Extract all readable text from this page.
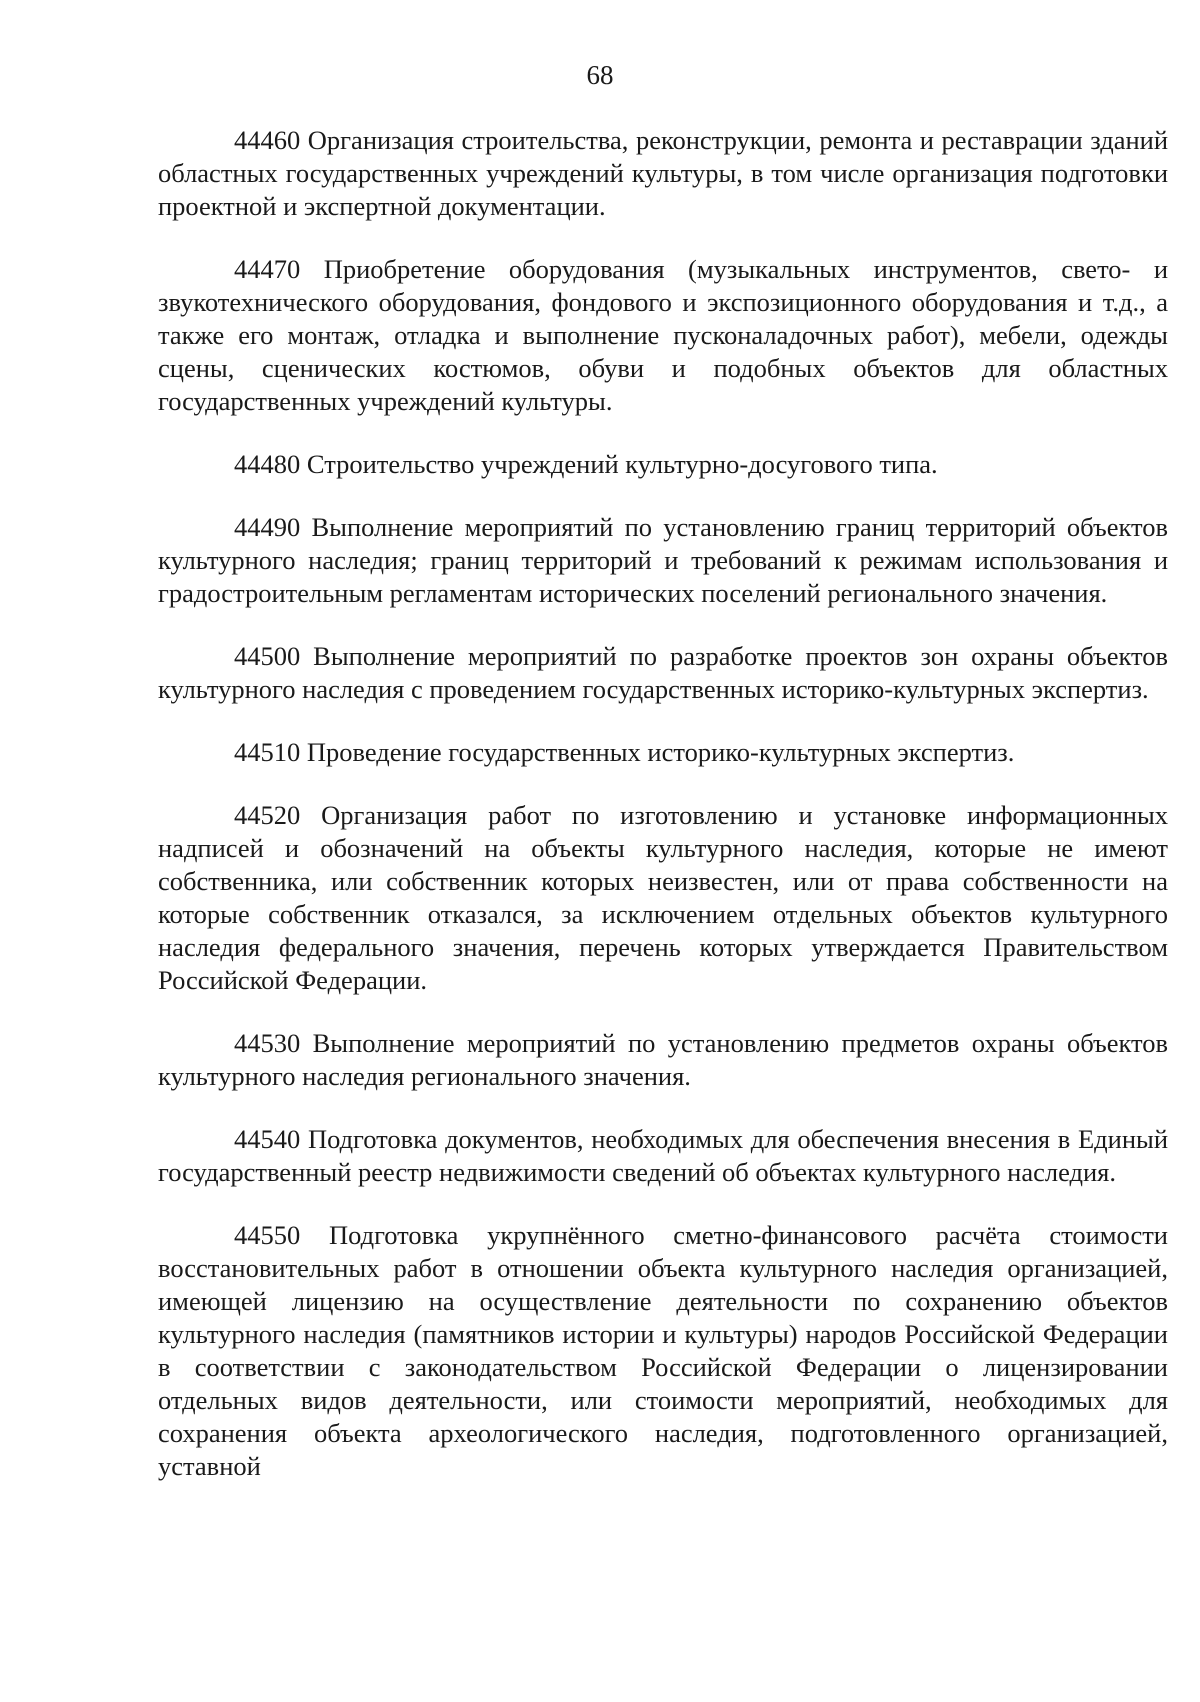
68

44460 Организация строительства, реконструкции, ремонта и реставрации зданий областных государственных учреждений культуры, в том числе организация подготовки проектной и экспертной документации.

44470 Приобретение оборудования (музыкальных инструментов, свето- и звукотехнического оборудования, фондового и экспозиционного оборудования и т.д., а также его монтаж, отладка и выполнение пусконаладочных работ), мебели, одежды сцены, сценических костюмов, обуви и подобных объектов для областных государственных учреждений культуры.

44480 Строительство учреждений культурно-досугового типа.

44490 Выполнение мероприятий по установлению границ территорий объектов культурного наследия; границ территорий и требований к режимам использования и градостроительным регламентам исторических поселений регионального значения.

44500 Выполнение мероприятий по разработке проектов зон охраны объектов культурного наследия с проведением государственных историко-культурных экспертиз.

44510 Проведение государственных историко-культурных экспертиз.

44520 Организация работ по изготовлению и установке информационных надписей и обозначений на объекты культурного наследия, которые не имеют собственника, или собственник которых неизвестен, или от права собственности на которые собственник отказался, за исключением отдельных объектов культурного наследия федерального значения, перечень которых утверждается Правительством Российской Федерации.

44530 Выполнение мероприятий по установлению предметов охраны объектов культурного наследия регионального значения.

44540 Подготовка документов, необходимых для обеспечения внесения в Единый государственный реестр недвижимости сведений об объектах культурного наследия.

44550 Подготовка укрупнённого сметно-финансового расчёта стоимости восстановительных работ в отношении объекта культурного наследия организацией, имеющей лицензию на осуществление деятельности по сохранению объектов культурного наследия (памятников истории и культуры) народов Российской Федерации в соответствии с законодательством Российской Федерации о лицензировании отдельных видов деятельности, или стоимости мероприятий, необходимых для сохранения объекта археологического наследия, подготовленного организацией, уставной
